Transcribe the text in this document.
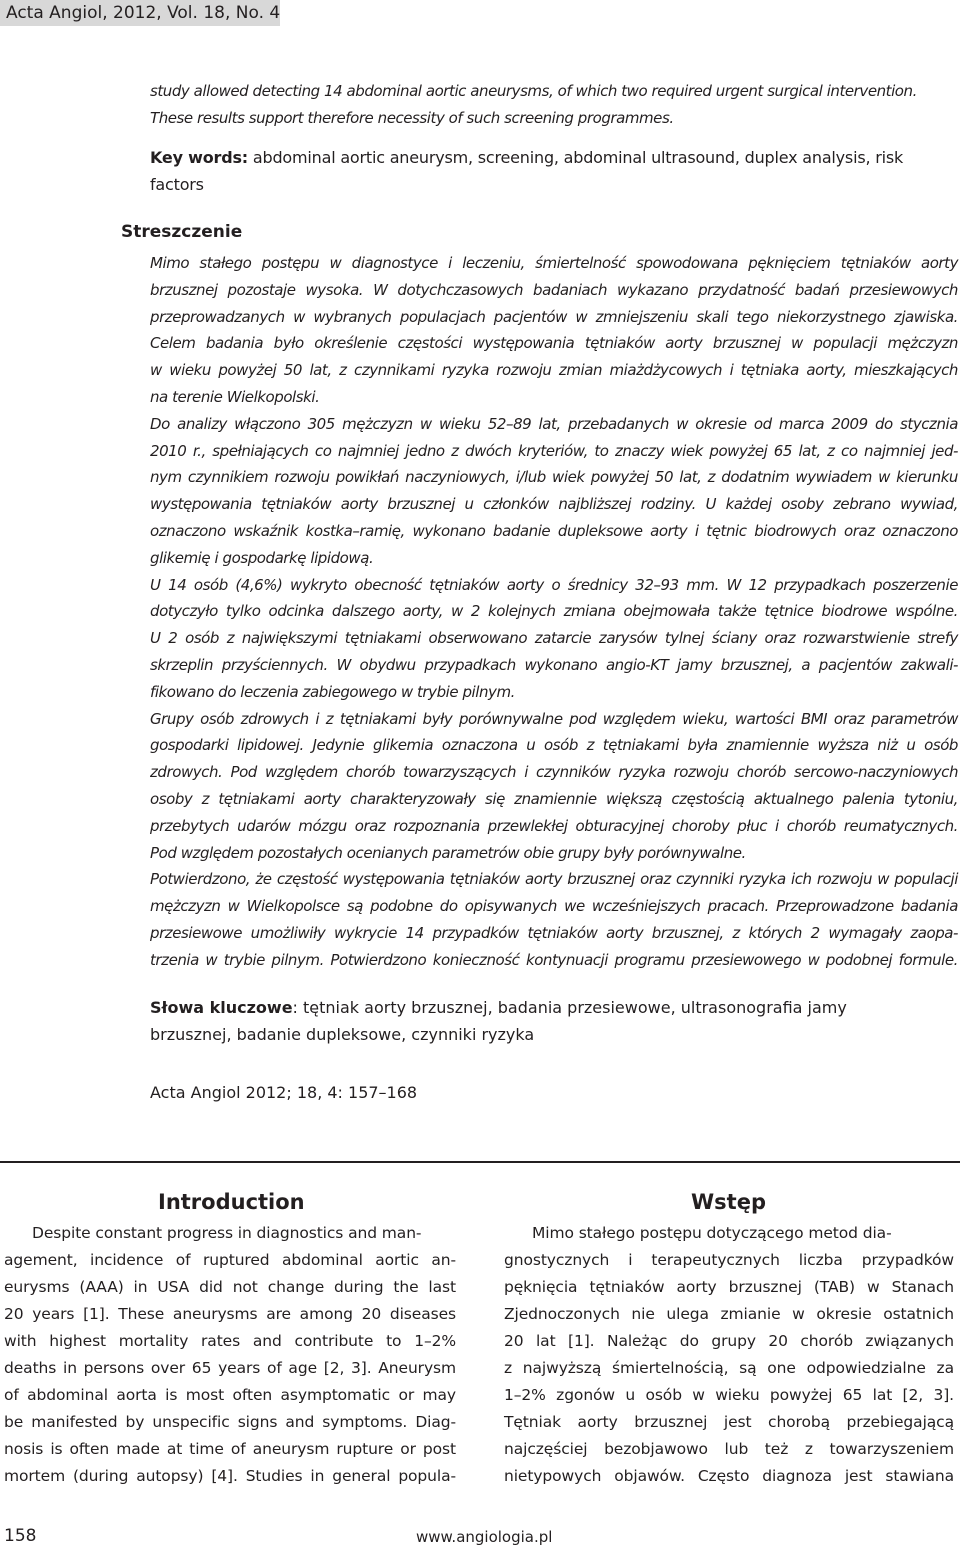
Acta Angiol, 2012, Vol. 18, No. 4
study allowed detecting 14 abdominal aortic aneurysms, of which two required urgent surgical intervention.
These results support therefore necessity of such screening programmes.

Key words: abdominal aortic aneurysm, screening, abdominal ultrasound, duplex analysis, risk factors

Streszczenie
Mimo stałego postępu w diagnostyce i leczeniu, śmiertelność spowodowana pęknięciem tętniaków aorty
brzusznej pozostaje wysoka. W dotychczasowych badaniach wykazano przydatność badań przesiewowych
przeprowadzanych w wybranych populacjach pacjentów w zmniejszeniu skali tego niekorzystnego zjawiska.
Celem badania było określenie częstości występowania tętniaków aorty brzusznej w populacji mężczyzn
w wieku powyżej 50 lat, z czynnikami ryzyka rozwoju zmian miażdżycowych i tętniaka aorty, mieszkających
na terenie Wielkopolski.
Do analizy włączono 305 mężczyzn w wieku 52–89 lat, przebadanych w okresie od marca 2009 do stycznia
2010 r., spełniających co najmniej jedno z dwóch kryteriów, to znaczy wiek powyżej 65 lat, z co najmniej jed-
nym czynnikiem rozwoju powikłań naczyniowych, i/lub wiek powyżej 50 lat, z dodatnim wywiadem w kierunku
występowania tętniaków aorty brzusznej u członków najbliższej rodziny. U każdej osoby zebrano wywiad,
oznaczono wskaźnik kostka–ramię, wykonano badanie dupleksowe aorty i tętnic biodrowych oraz oznaczono
glikemię i gospodarkę lipidową.
U 14 osób (4,6%) wykryto obecność tętniaków aorty o średnicy 32–93 mm. W 12 przypadkach poszerzenie
dotyczyło tylko odcinka dalszego aorty, w 2 kolejnych zmiana obejmowała także tętnice biodrowe wspólne.
U 2 osób z największymi tętniakami obserwowano zatarcie zarysów tylnej ściany oraz rozwarstwienie strefy
skrzeplin przyściennych. W obydwu przypadkach wykonano angio-KT jamy brzusznej, a pacjentów zakwali-
fikowano do leczenia zabiegowego w trybie pilnym.
Grupy osób zdrowych i z tętniakami były porównywalne pod względem wieku, wartości BMI oraz parametrów
gospodarki lipidowej. Jedynie glikemia oznaczona u osób z tętniakami była znamiennie wyższa niż u osób
zdrowych. Pod względem chorób towarzyszących i czynników ryzyka rozwoju chorób sercowo-naczyniowych
osoby z tętniakami aorty charakteryzowały się znamiennie większą częstością aktualnego palenia tytoniu,
przebytych udarów mózgu oraz rozpoznania przewlekłej obturacyjnej choroby płuc i chorób reumatycznych.
Pod względem pozostałych ocenianych parametrów obie grupy były porównywalne.
Potwierdzono, że częstość występowania tętniaków aorty brzusznej oraz czynniki ryzyka ich rozwoju w populacji
mężczyzn w Wielkopolsce są podobne do opisywanych we wcześniejszych pracach. Przeprowadzone badania
przesiewowe umożliwiły wykrycie 14 przypadków tętniaków aorty brzusznej, z których 2 wymagały zaopa-
trzenia w trybie pilnym. Potwierdzono konieczność kontynuacji programu przesiewowego w podobnej formule.

Słowa kluczowe: tętniak aorty brzusznej, badania przesiewowe, ultrasonografia jamy brzusznej, badanie dupleksowe, czynniki ryzyka

Acta Angiol 2012; 18, 4: 157–168

Introduction	Wstęp
Despite constant progress in diagnostics and man-
agement, incidence of ruptured abdominal aortic an-
eurysms (AAA) in USA did not change during the last
20 years [1]. These aneurysms are among 20 diseases
with highest mortality rates and contribute to 1–2%
deaths in persons over 65 years of age [2, 3]. Aneurysm
of abdominal aorta is most often asymptomatic or may
be manifested by unspecific signs and symptoms. Diag-
nosis is often made at time of aneurysm rupture or post
mortem (during autopsy) [4]. Studies in general popula-
Mimo stałego postępu dotyczącego metod dia-
gnostycznych i terapeutycznych liczba przypadków
pęknięcia tętniaków aorty brzusznej (TAB) w Stanach
Zjednoczonych nie ulega zmianie w okresie ostatnich
20 lat [1]. Należąc do grupy 20 chorób związanych
z najwyższą śmiertelnością, są one odpowiedzialne za
1–2% zgonów u osób w wieku powyżej 65 lat [2, 3].
Tętniak aorty brzusznej jest chorobą przebiegającą
najczęściej bezobjawowo lub też z towarzyszeniem
nietypowych objawów. Często diagnoza jest stawiana
158	www.angiologia.pl
